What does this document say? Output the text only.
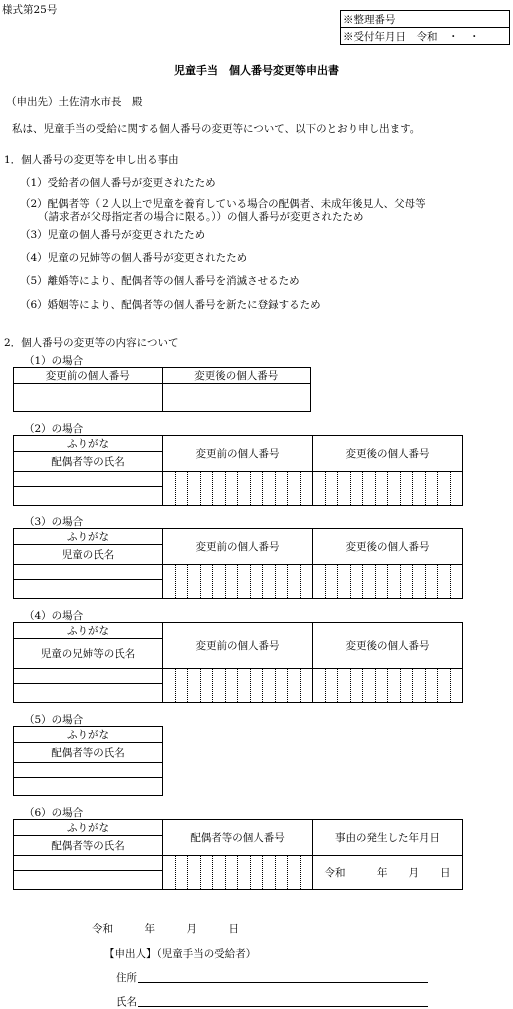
様式第25号
※整理番号
※受付年月日　令和　・　・
児童手当　個人番号変更等申出書
（申出先）土佐清水市長　殿
私は、児童手当の受給に関する個人番号の変更等について、以下のとおり申し出ます。
1．個人番号の変更等を申し出る事由
（1）受給者の個人番号が変更されたため
（2）配偶者等（２人以上で児童を養育している場合の配偶者、未成年後見人、父母等
（請求者が父母指定者の場合に限る。））の個人番号が変更されたため
（3）児童の個人番号が変更されたため
（4）児童の兄姉等の個人番号が変更されたため
（5）離婚等により、配偶者等の個人番号を消滅させるため
（6）婚姻等により、配偶者等の個人番号を新たに登録するため
2．個人番号の変更等の内容について
（1）の場合
変更前の個人番号	変更後の個人番号

（2）の場合
ふりがな	変更前の個人番号	変更後の個人番号
配偶者等の氏名		

（3）の場合
ふりがな	変更前の個人番号	変更後の個人番号
児童の氏名		

（4）の場合
ふりがな	変更前の個人番号	変更後の個人番号
児童の兄姉等の氏名		

（5）の場合
ふりがな
配偶者等の氏名

（6）の場合
ふりがな	配偶者等の個人番号	事由の発生した年月日
配偶者等の氏名		

	令和　　　年　　月　　日

令和　　　年　　　月　　　日
【申出人】（児童手当の受給者）
住所
氏名
